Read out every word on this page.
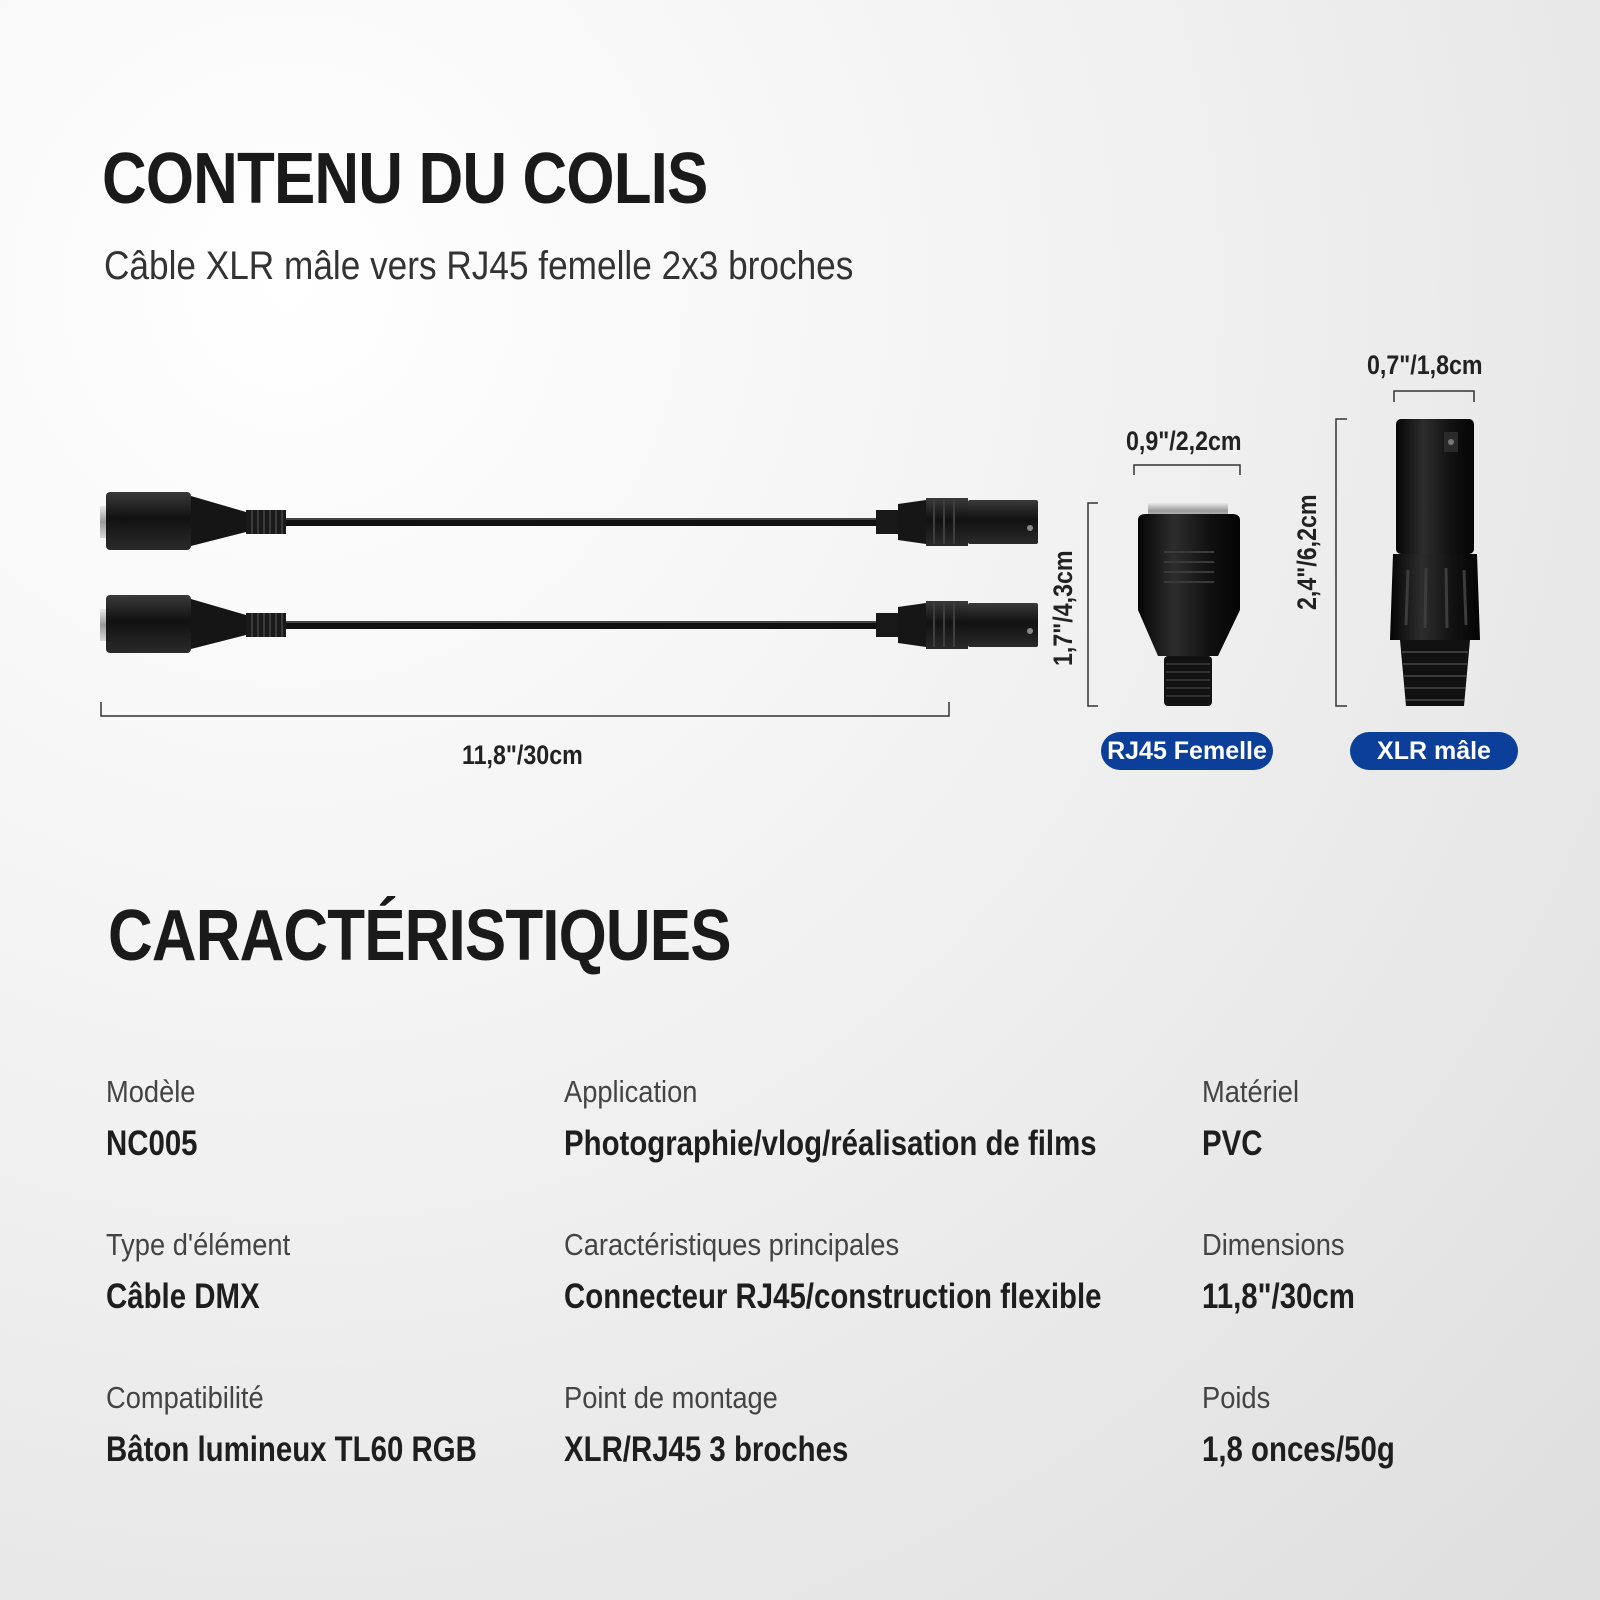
CONTENU DU COLIS

Câble XLR mâle vers RJ45 femelle 2x3 broches

11,8"/30cm
0,9"/2,2cm
1,7"/4,3cm
0,7"/1,8cm
2,4"/6,2cm
RJ45 Femelle	XLR mâle
CARACTÉRISTIQUES
Modèle
NC005
Application
Photographie/vlog/réalisation de films
Matériel
PVC
Type d'élément
Câble DMX
Caractéristiques principales
Connecteur RJ45/construction flexible
Dimensions
11,8"/30cm
Compatibilité
Bâton lumineux TL60 RGB
Point de montage
XLR/RJ45 3 broches
Poids
1,8 onces/50g
